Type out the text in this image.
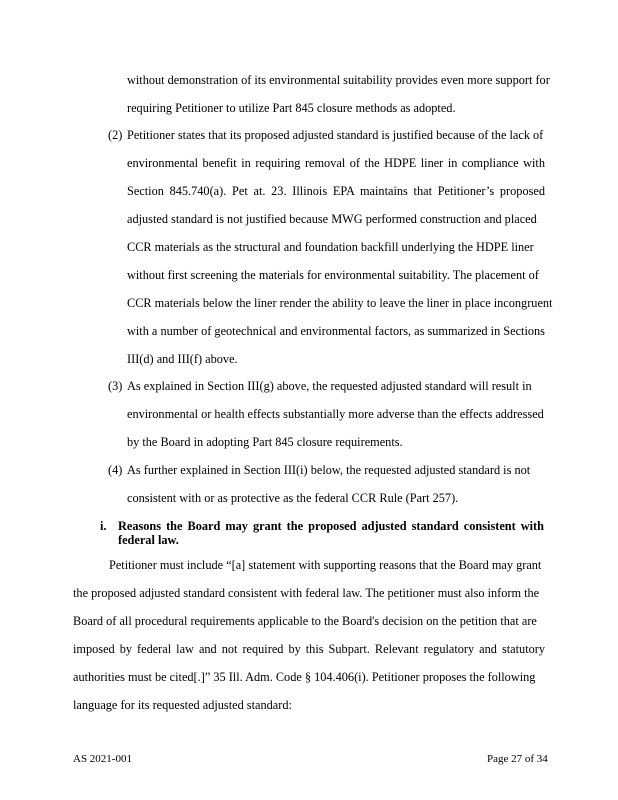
without demonstration of its environmental suitability provides even more support for
requiring Petitioner to utilize Part 845 closure methods as adopted.
(2) Petitioner states that its proposed adjusted standard is justified because of the lack of
environmental benefit in requiring removal of the HDPE liner in compliance with
Section 845.740(a). Pet at. 23. Illinois EPA maintains that Petitioner’s proposed
adjusted standard is not justified because MWG performed construction and placed
CCR materials as the structural and foundation backfill underlying the HDPE liner
without first screening the materials for environmental suitability. The placement of
CCR materials below the liner render the ability to leave the liner in place incongruent
with a number of geotechnical and environmental factors, as summarized in Sections
III(d) and III(f) above.
(3) As explained in Section III(g) above, the requested adjusted standard will result in
environmental or health effects substantially more adverse than the effects addressed
by the Board in adopting Part 845 closure requirements.
(4) As further explained in Section III(i) below, the requested adjusted standard is not
consistent with or as protective as the federal CCR Rule (Part 257).
i. Reasons the Board may grant the proposed adjusted standard consistent with
federal law.
Petitioner must include “[a] statement with supporting reasons that the Board may grant
the proposed adjusted standard consistent with federal law. The petitioner must also inform the
Board of all procedural requirements applicable to the Board's decision on the petition that are
imposed by federal law and not required by this Subpart. Relevant regulatory and statutory
authorities must be cited[.]” 35 Ill. Adm. Code § 104.406(i). Petitioner proposes the following
language for its requested adjusted standard:
AS 2021-001	Page 27 of 34
